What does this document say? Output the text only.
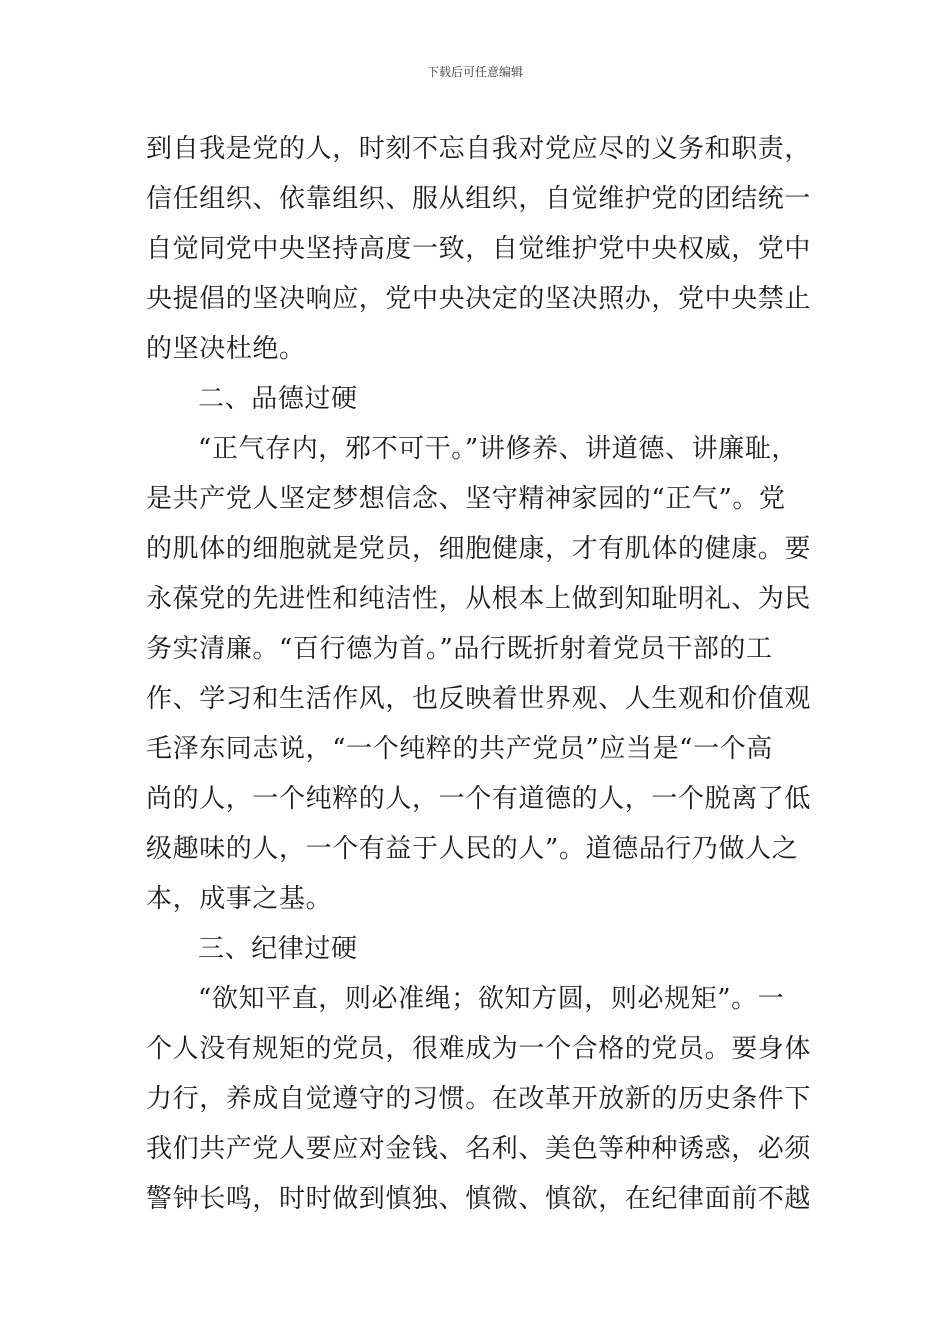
下载后可任意编辑
到自我是党的人，时刻不忘自我对党应尽的义务和职责，
信任组织、依靠组织、服从组织，自觉维护党的团结统一
自觉同党中央坚持高度一致，自觉维护党中央权威，党中
央提倡的坚决响应，党中央决定的坚决照办，党中央禁止
的坚决杜绝。
二、品德过硬
“正气存内，邪不可干。”讲修养、讲道德、讲廉耻，
是共产党人坚定梦想信念、坚守精神家园的“正气”。党
的肌体的细胞就是党员，细胞健康，才有肌体的健康。要
永葆党的先进性和纯洁性，从根本上做到知耻明礼、为民
务实清廉。“百行德为首。”品行既折射着党员干部的工
作、学习和生活作风，也反映着世界观、人生观和价值观
毛泽东同志说，“一个纯粹的共产党员”应当是“一个高
尚的人，一个纯粹的人，一个有道德的人，一个脱离了低
级趣味的人，一个有益于人民的人”。道德品行乃做人之
本，成事之基。
三、纪律过硬
“欲知平直，则必准绳；欲知方圆，则必规矩”。一
个人没有规矩的党员，很难成为一个合格的党员。要身体
力行，养成自觉遵守的习惯。在改革开放新的历史条件下
我们共产党人要应对金钱、名利、美色等种种诱惑，必须
警钟长鸣，时时做到慎独、慎微、慎欲，在纪律面前不越
